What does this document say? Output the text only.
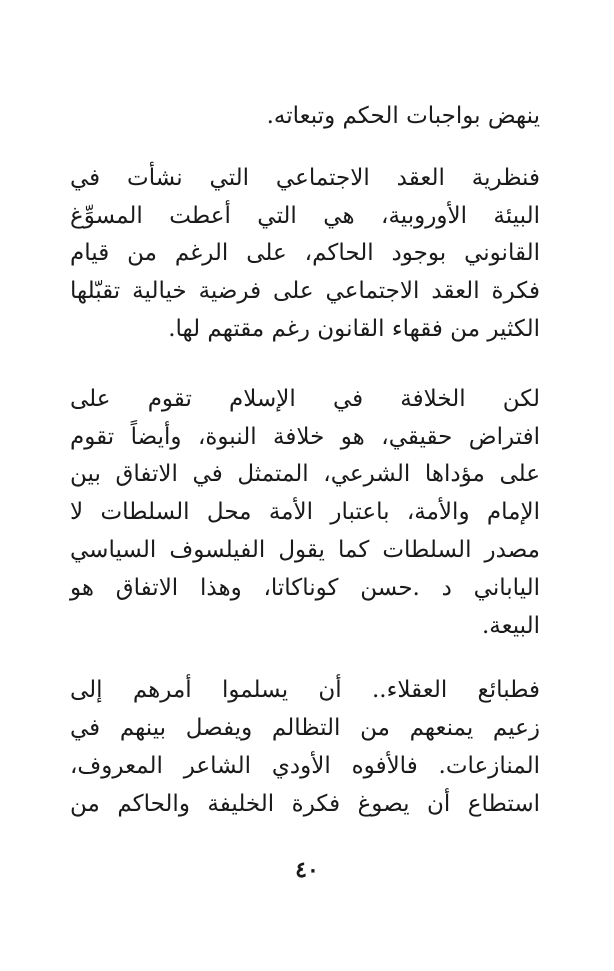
ينهض بواجبات الحكم وتبعاته.
فنظرية العقد الاجتماعي التي نشأت في
البيئة الأوروبية، هي التي أعطت المسوِّغ
القانوني بوجود الحاكم، على الرغم من قيام
فكرة العقد الاجتماعي على فرضية خيالية تقبّلها
الكثير من فقهاء القانون رغم مقتهم لها.
لكن الخلافة في الإسلام تقوم على
افتراض حقيقي، هو خلافة النبوة، وأيضاً تقوم
على مؤداها الشرعي، المتمثل في الاتفاق بين
الإمام والأمة، باعتبار الأمة محل السلطات لا
مصدر السلطات كما يقول الفيلسوف السياسي
الياباني د .حسن كوناكاتا، وهذا الاتفاق هو
البيعة.
فطبائع العقلاء.. أن يسلموا أمرهم إلى
زعيم يمنعهم من التظالم ويفصل بينهم في
المنازعات. فالأفوه الأودي الشاعر المعروف،
استطاع أن يصوغ فكرة الخليفة والحاكم من
٤٠
